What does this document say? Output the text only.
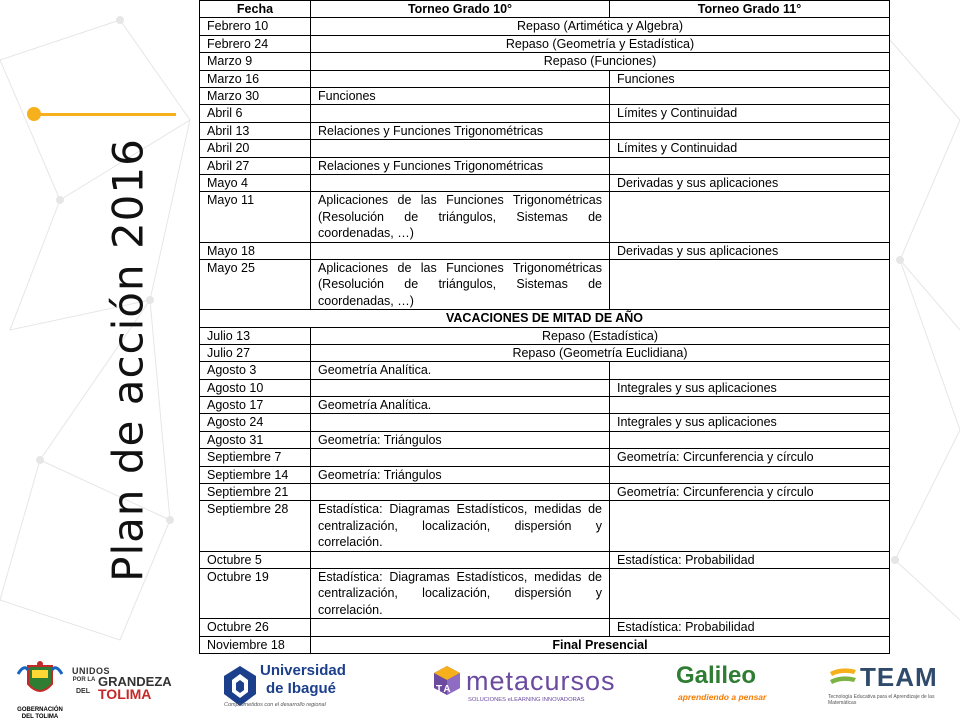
Plan de acción 2016
Fecha	Torneo Grado 10°	Torneo Grado 11°
Febrero 10	Repaso (Artimética y Algebra)	
Febrero 24	Repaso (Geometría y Estadística)	
Marzo 9	Repaso (Funciones)	
Marzo 16		Funciones
Marzo 30	Funciones	
Abril 6		Límites y Continuidad
Abril 13	Relaciones y Funciones Trigonométricas	
Abril 20		Límites y Continuidad
Abril 27	Relaciones y Funciones Trigonométricas	
Mayo 4		Derivadas y sus aplicaciones
Mayo 11	Aplicaciones de las Funciones Trigonométricas (Resolución de triángulos, Sistemas de coordenadas, …)	
Mayo 18		Derivadas y sus aplicaciones
Mayo 25	Aplicaciones de las Funciones Trigonométricas (Resolución de triángulos, Sistemas de coordenadas, …)	
VACACIONES DE MITAD DE AÑO		
Julio 13	Repaso (Estadística)	
Julio 27	Repaso (Geometría Euclidiana)	
Agosto 3	Geometría Analítica.	
Agosto 10		Integrales y sus aplicaciones
Agosto 17	Geometría Analítica.	
Agosto 24		Integrales y sus aplicaciones
Agosto 31	Geometría: Triángulos	
Septiembre 7		Geometría: Circunferencia y círculo
Septiembre 14	Geometría: Triángulos	
Septiembre 21		Geometría: Circunferencia y círculo
Septiembre 28	Estadística: Diagramas Estadísticos, medidas de centralización, localización, dispersión y correlación.	
Octubre 5		Estadística: Probabilidad
Octubre 19	Estadística: Diagramas Estadísticos, medidas de centralización, localización, dispersión y correlación.	
Octubre 26		Estadística: Probabilidad
Noviembre 18	Final Presencial	
GOBERNACIÓN
DEL TOLIMA
UNIDOS
POR LA GRANDEZA
DEL TOLIMA
Universidad
de Ibagué
Comprometidos con el desarrollo regional
TA metacursos
SOLUCIONES eLEARNING INNOVADORAS
Galileo
aprendiendo a pensar
TEAM
Tecnología Educativa para el Aprendizaje de las Matemáticas
